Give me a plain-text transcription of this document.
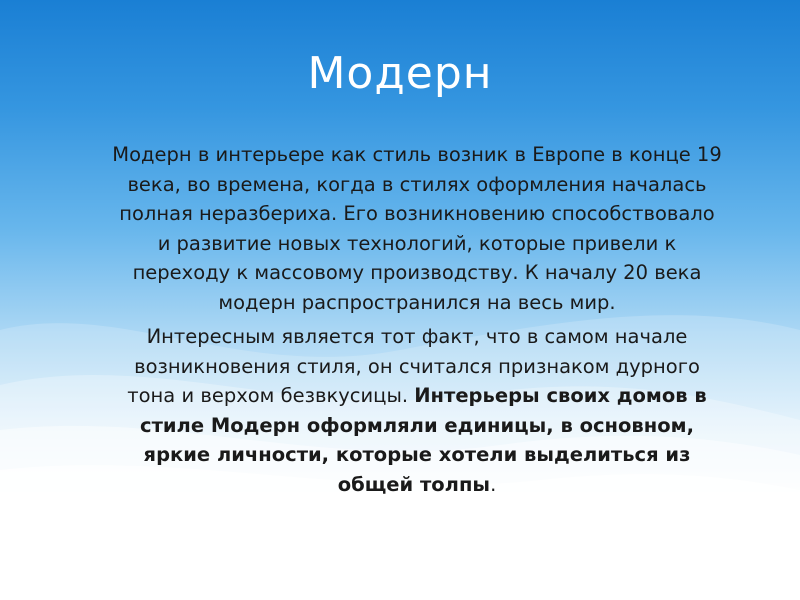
Модерн

Модерн в интерьере как стиль возник в Европе в конце 19 века, во времена, когда в стилях оформления началась полная неразбериха. Его возникновению способствовало и развитие новых технологий, которые привели к переходу к массовому производству. К началу 20 века модерн распространился на весь мир.

Интересным является тот факт, что в самом начале возникновения стиля, он считался признаком дурного тона и верхом безвкусицы. Интерьеры своих домов в стиле Модерн оформляли единицы, в основном, яркие личности, которые хотели выделиться из общей толпы.
